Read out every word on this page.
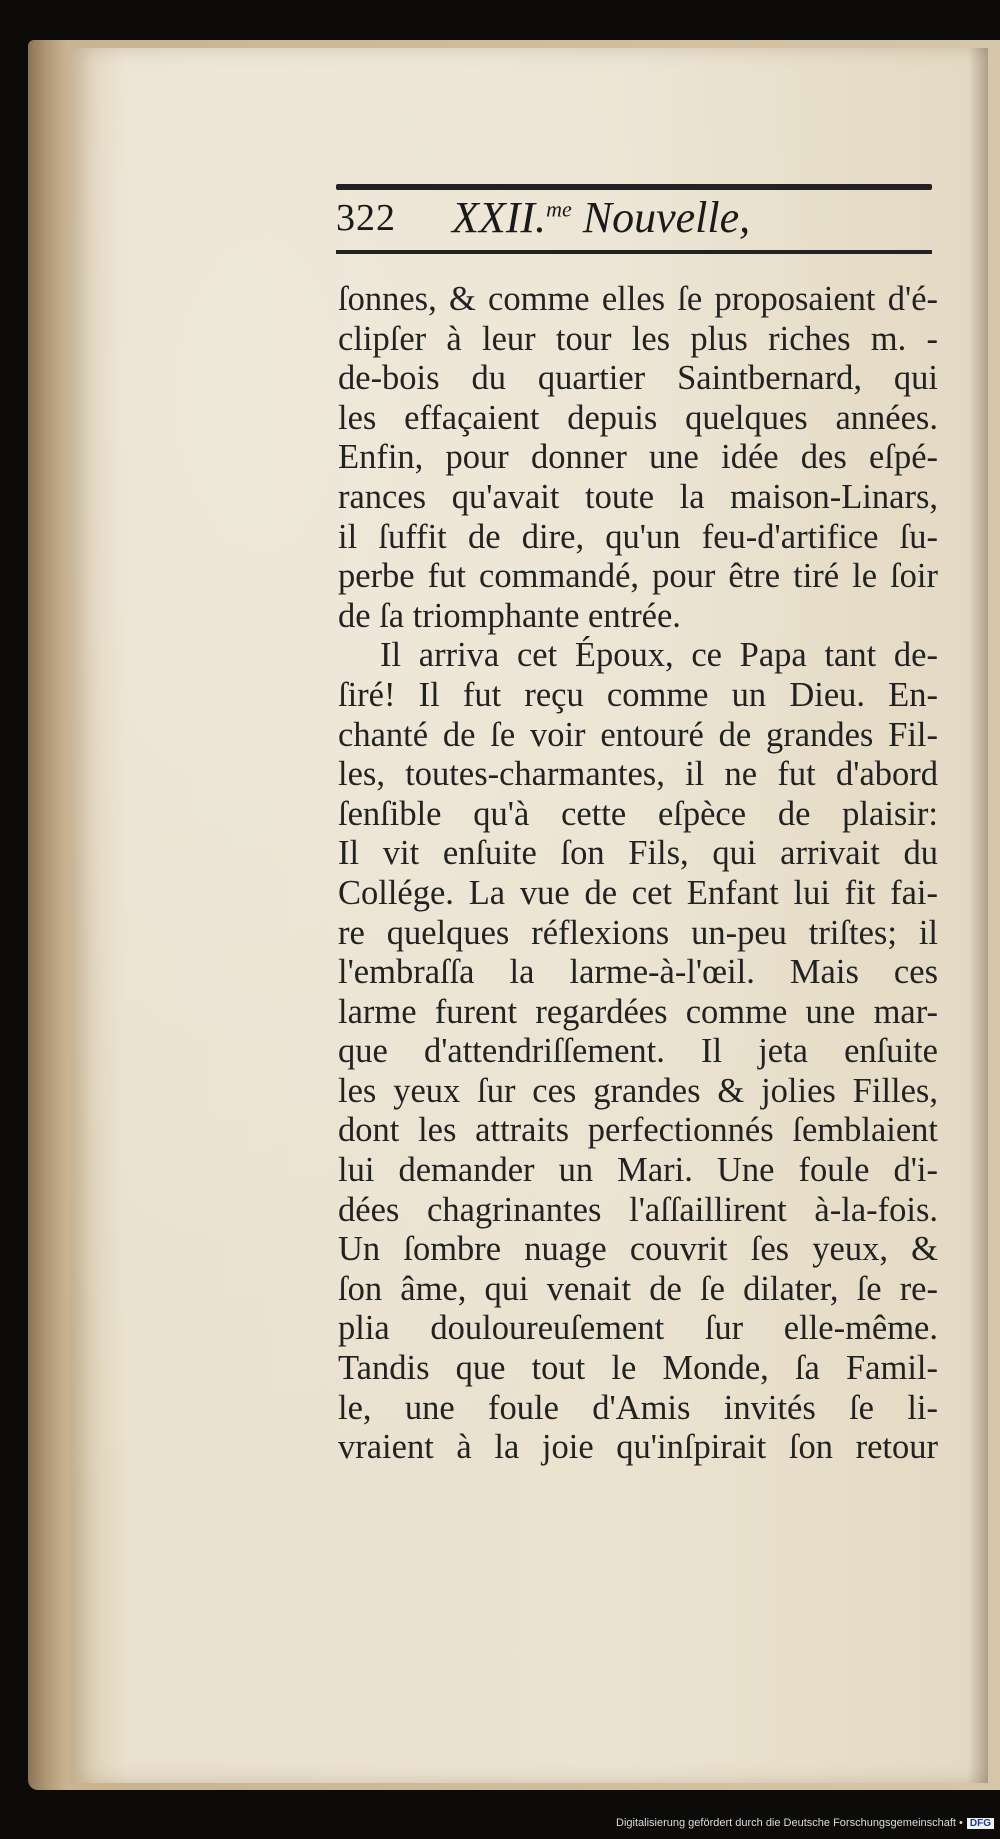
322 XXII.$^{me}$ Nouvelle,
ſonnes, & comme elles ſe proposaient d'é-
clipſer à leur tour les plus riches m. -
de-bois du quartier Saintbernard, qui
les effaçaient depuis quelques années.
Enfin, pour donner une idée des eſpé-
rances qu'avait toute la maison-Linars,
il ſuffit de dire, qu'un feu-d'artifice ſu-
perbe fut commandé, pour être tiré le ſoir
de ſa triomphante entrée.
Il arriva cet Époux, ce Papa tant de-
ſiré! Il fut reçu comme un Dieu. En-
chanté de ſe voir entouré de grandes Fil-
les, toutes-charmantes, il ne fut d'abord
ſenſible qu'à cette eſpèce de plaisir:
Il vit enſuite ſon Fils, qui arrivait du
Collége. La vue de cet Enfant lui fit fai-
re quelques réflexions un-peu triſtes; il
l'embraſſa la larme-à-l'œil. Mais ces
larme furent regardées comme une mar-
que d'attendriſſement. Il jeta enſuite
les yeux ſur ces grandes & jolies Filles,
dont les attraits perfectionnés ſemblaient
lui demander un Mari. Une foule d'i-
dées chagrinantes l'aſſaillirent à-la-fois.
Un ſombre nuage couvrit ſes yeux, &
ſon âme, qui venait de ſe dilater, ſe re-
plia douloureuſement ſur elle-même.
Tandis que tout le Monde, ſa Famil-
le, une foule d'Amis invités ſe li-
vraient à la joie qu'inſpirait ſon retour
Digitalisierung gefördert durch die Deutsche Forschungsgemeinschaft • DFG
